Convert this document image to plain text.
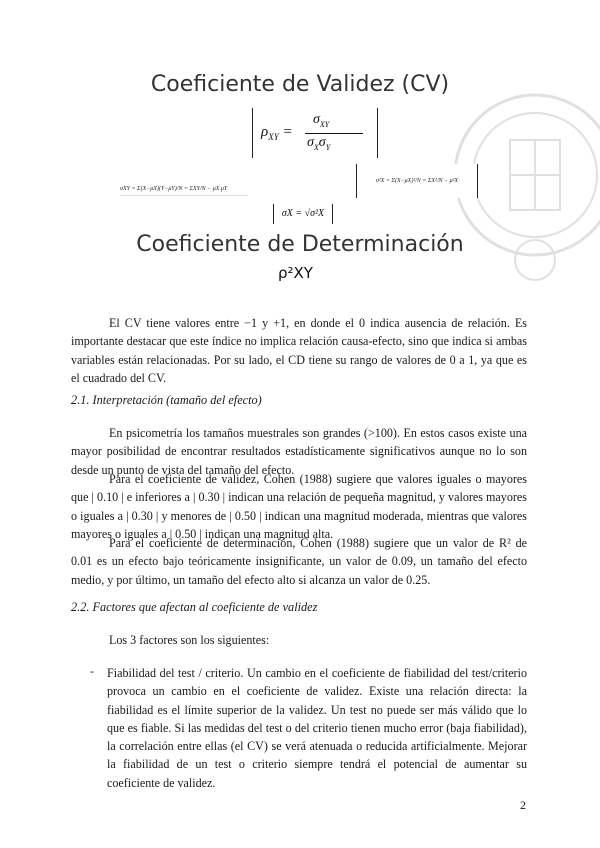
Coeficiente de Validez (CV)
$\rho_{XY}$ =
$\sigma_{XY}$
$\sigma_X\sigma_Y$
σXY = Σ(X−μX)(Y−μY)/N = ΣXY/N − μX μY
σ²X = Σ(X−μX)²/N = ΣX²/N − μ²X
σX = √σ²X
Coeficiente de Determinación
ρ²XY

El CV tiene valores entre −1 y +1, en donde el 0 indica ausencia de relación. Es importante destacar que este índice no implica relación causa-efecto, sino que indica si ambas variables están relacionadas. Por su lado, el CD tiene su rango de valores de 0 a 1, ya que es el cuadrado del CV.

2.1. Interpretación (tamaño del efecto)

En psicometría los tamaños muestrales son grandes (>100). En estos casos existe una mayor posibilidad de encontrar resultados estadísticamente significativos aunque no lo son desde un punto de vista del tamaño del efecto.

Para el coeficiente de validez, Cohen (1988) sugiere que valores iguales o mayores que | 0.10 | e inferiores a | 0.30 | indican una relación de pequeña magnitud, y valores mayores o iguales a | 0.30 | y menores de | 0.50 | indican una magnitud moderada, mientras que valores mayores o iguales a | 0.50 | indican una magnitud alta.

Para el coeficiente de determinación, Cohen (1988) sugiere que un valor de R² de 0.01 es un efecto bajo teóricamente insignificante, un valor de 0.09, un tamaño del efecto medio, y por último, un tamaño del efecto alto si alcanza un valor de 0.25.

2.2. Factores que afectan al coeficiente de validez

Los 3 factores son los siguientes:

- Fiabilidad del test / criterio. Un cambio en el coeficiente de fiabilidad del test/criterio provoca un cambio en el coeficiente de validez. Existe una relación directa: la fiabilidad es el límite superior de la validez. Un test no puede ser más válido que lo que es fiable. Si las medidas del test o del criterio tienen mucho error (baja fiabilidad), la correlación entre ellas (el CV) se verá atenuada o reducida artificialmente. Mejorar la fiabilidad de un test o criterio siempre tendrá el potencial de aumentar su coeficiente de validez.

2
